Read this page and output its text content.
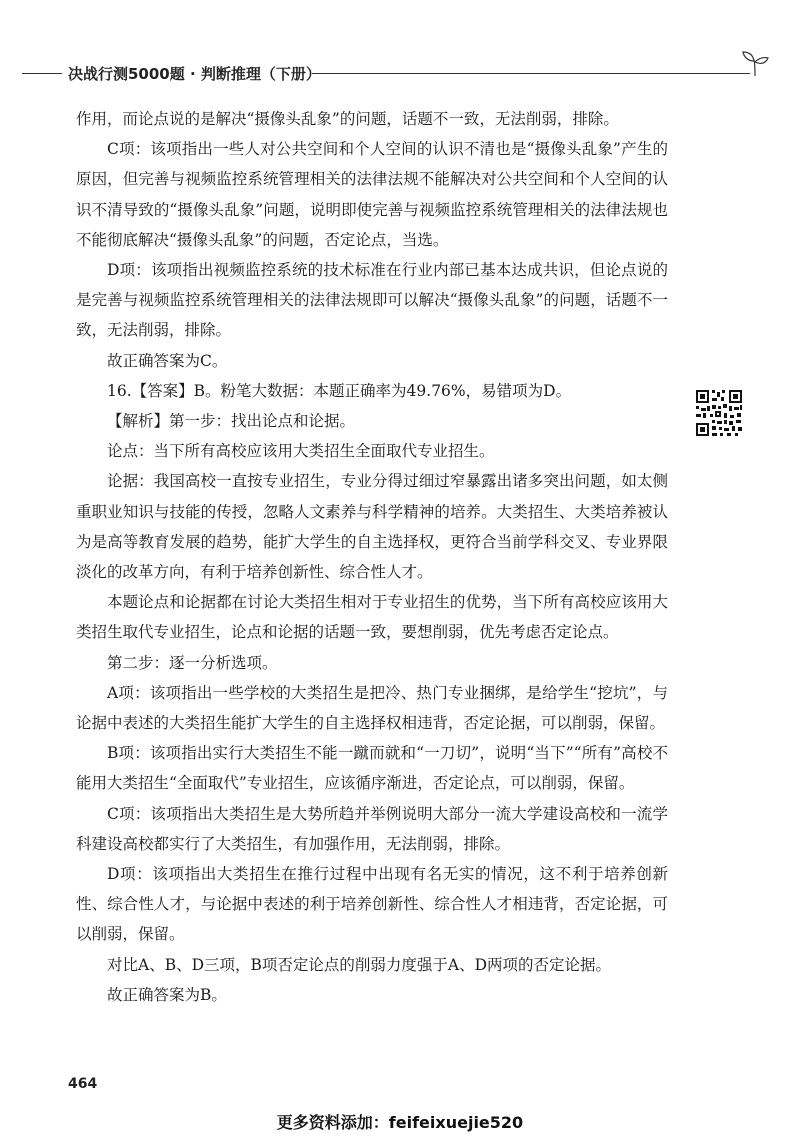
决战行测5000题 · 判断推理（下册）

作用，而论点说的是解决“摄像头乱象”的问题，话题不一致，无法削弱，排除。

C项：该项指出一些人对公共空间和个人空间的认识不清也是“摄像头乱象”产生的原因，但完善与视频监控系统管理相关的法律法规不能解决对公共空间和个人空间的认识不清导致的“摄像头乱象”问题，说明即使完善与视频监控系统管理相关的法律法规也不能彻底解决“摄像头乱象”的问题，否定论点，当选。

D项：该项指出视频监控系统的技术标准在行业内部已基本达成共识，但论点说的是完善与视频监控系统管理相关的法律法规即可以解决“摄像头乱象”的问题，话题不一致，无法削弱，排除。

故正确答案为C。

16.【答案】B。粉笔大数据：本题正确率为49.76%，易错项为D。

【解析】第一步：找出论点和论据。

论点：当下所有高校应该用大类招生全面取代专业招生。

论据：我国高校一直按专业招生，专业分得过细过窄暴露出诸多突出问题，如太侧重职业知识与技能的传授，忽略人文素养与科学精神的培养。大类招生、大类培养被认为是高等教育发展的趋势，能扩大学生的自主选择权，更符合当前学科交叉、专业界限淡化的改革方向，有利于培养创新性、综合性人才。

本题论点和论据都在讨论大类招生相对于专业招生的优势，当下所有高校应该用大类招生取代专业招生，论点和论据的话题一致，要想削弱，优先考虑否定论点。

第二步：逐一分析选项。

A项：该项指出一些学校的大类招生是把冷、热门专业捆绑，是给学生“挖坑”，与论据中表述的大类招生能扩大学生的自主选择权相违背，否定论据，可以削弱，保留。

B项：该项指出实行大类招生不能一蹴而就和“一刀切”，说明“当下”“所有”高校不能用大类招生“全面取代”专业招生，应该循序渐进，否定论点，可以削弱，保留。

C项：该项指出大类招生是大势所趋并举例说明大部分一流大学建设高校和一流学科建设高校都实行了大类招生，有加强作用，无法削弱，排除。

D项：该项指出大类招生在推行过程中出现有名无实的情况，这不利于培养创新性、综合性人才，与论据中表述的利于培养创新性、综合性人才相违背，否定论据，可以削弱，保留。

对比A、B、D三项，B项否定论点的削弱力度强于A、D两项的否定论据。

故正确答案为B。

464
更多资料添加：feifeixuejie520
